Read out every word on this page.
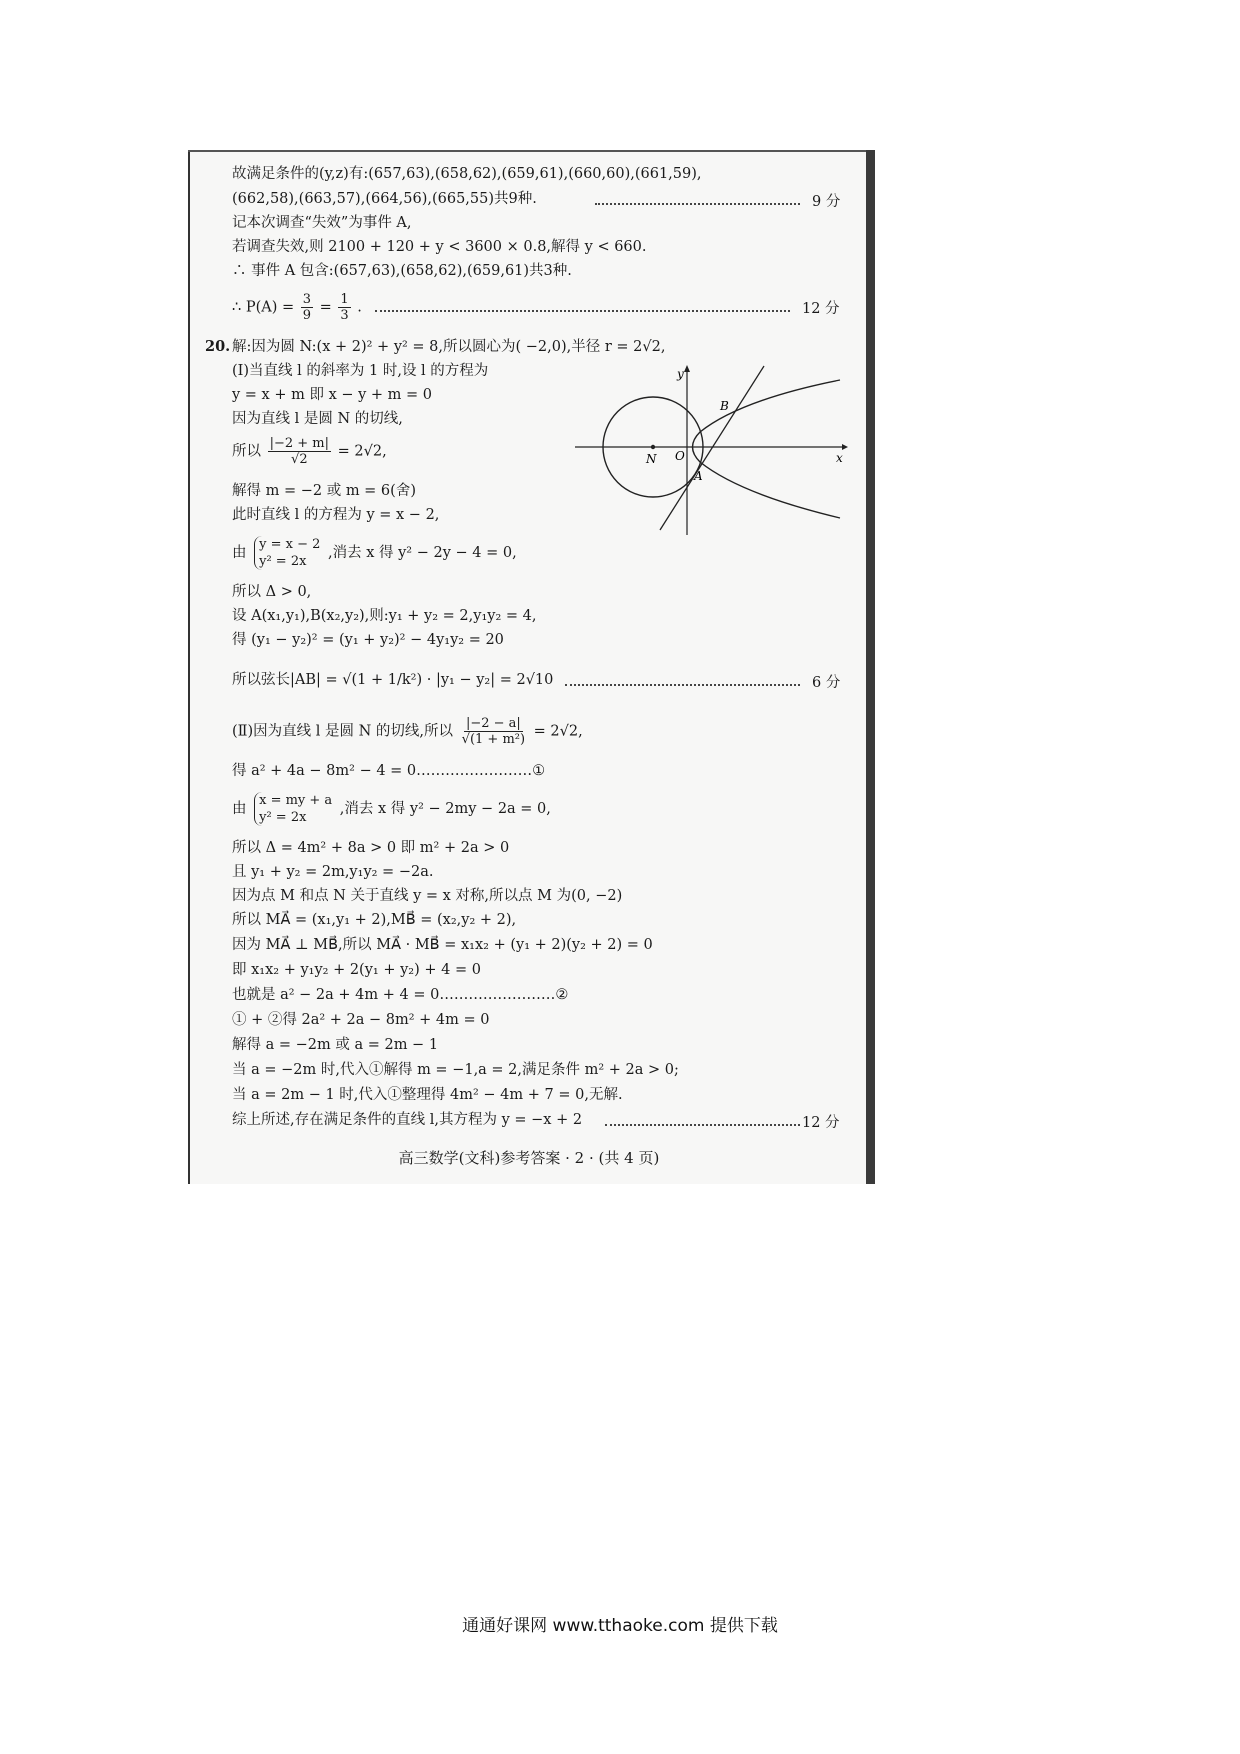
故满足条件的(y,z)有:(657,63),(658,62),(659,61),(660,60),(661,59),
(662,58),(663,57),(664,56),(665,55)共9种.	9 分
记本次调查“失效”为事件 A,
若调查失效,则 2100 + 120 + y < 3600 × 0.8,解得 y < 660.
∴ 事件 A 包含:(657,63),(658,62),(659,61)共3种.
∴ $P(A) = \frac{3}{9} = \frac{1}{3}$ .	12 分
20. 解:因为圆 N:(x + 2)² + y² = 8,所以圆心为( −2,0),半径 r = 2√2,
(Ⅰ)当直线 l 的斜率为 1 时,设 l 的方程为
y = x + m 即 x − y + m = 0
因为直线 l 是圆 N 的切线,
所以 $\frac{|-2 + m|}{√2} = 2√2$,
解得 m = −2 或 m = 6(舍)
此时直线 l 的方程为 y = x − 2,
由
y = x − 2
y² = 2x
,消去 x 得 y² − 2y − 4 = 0,
所以 Δ > 0,
设 A(x₁,y₁),B(x₂,y₂),则:y₁ + y₂ = 2,y₁y₂ = 4,
得 (y₁ − y₂)² = (y₁ + y₂)² − 4y₁y₂ = 20
所以弦长|AB| = √(1 + 1/k²) · |y₁ − y₂| = 2√10	6 分
(Ⅱ)因为直线 l 是圆 N 的切线,所以 $\frac{|-2 - a|}{\text{√(1 + m²)}} = 2√2$,
得 a² + 4a − 8m² − 4 = 0……………………①
由
x = my + a
y² = 2x
,消去 x 得 y² − 2my − 2a = 0,
所以 Δ = 4m² + 8a > 0 即 m² + 2a > 0
且 y₁ + y₂ = 2m,y₁y₂ = −2a.
因为点 M 和点 N 关于直线 y = x 对称,所以点 M 为(0, −2)
所以 MA⃗ = (x₁,y₁ + 2),MB⃗ = (x₂,y₂ + 2),
因为 MA⃗ ⊥ MB⃗,所以 MA⃗ · MB⃗ = x₁x₂ + (y₁ + 2)(y₂ + 2) = 0
即 x₁x₂ + y₁y₂ + 2(y₁ + y₂) + 4 = 0
也就是 a² − 2a + 4m + 4 = 0……………………②
① + ②得 2a² + 2a − 8m² + 4m = 0
解得 a = −2m 或 a = 2m − 1
当 a = −2m 时,代入①解得 m = −1,a = 2,满足条件 m² + 2a > 0;
当 a = 2m − 1 时,代入①整理得 4m² − 4m + 7 = 0,无解.
综上所述,存在满足条件的直线 l,其方程为 y = −x + 2	12 分
N O
A
B
y
x
高三数学(文科)参考答案 · 2 · (共 4 页)
通通好课网 www.tthaoke.com 提供下载
